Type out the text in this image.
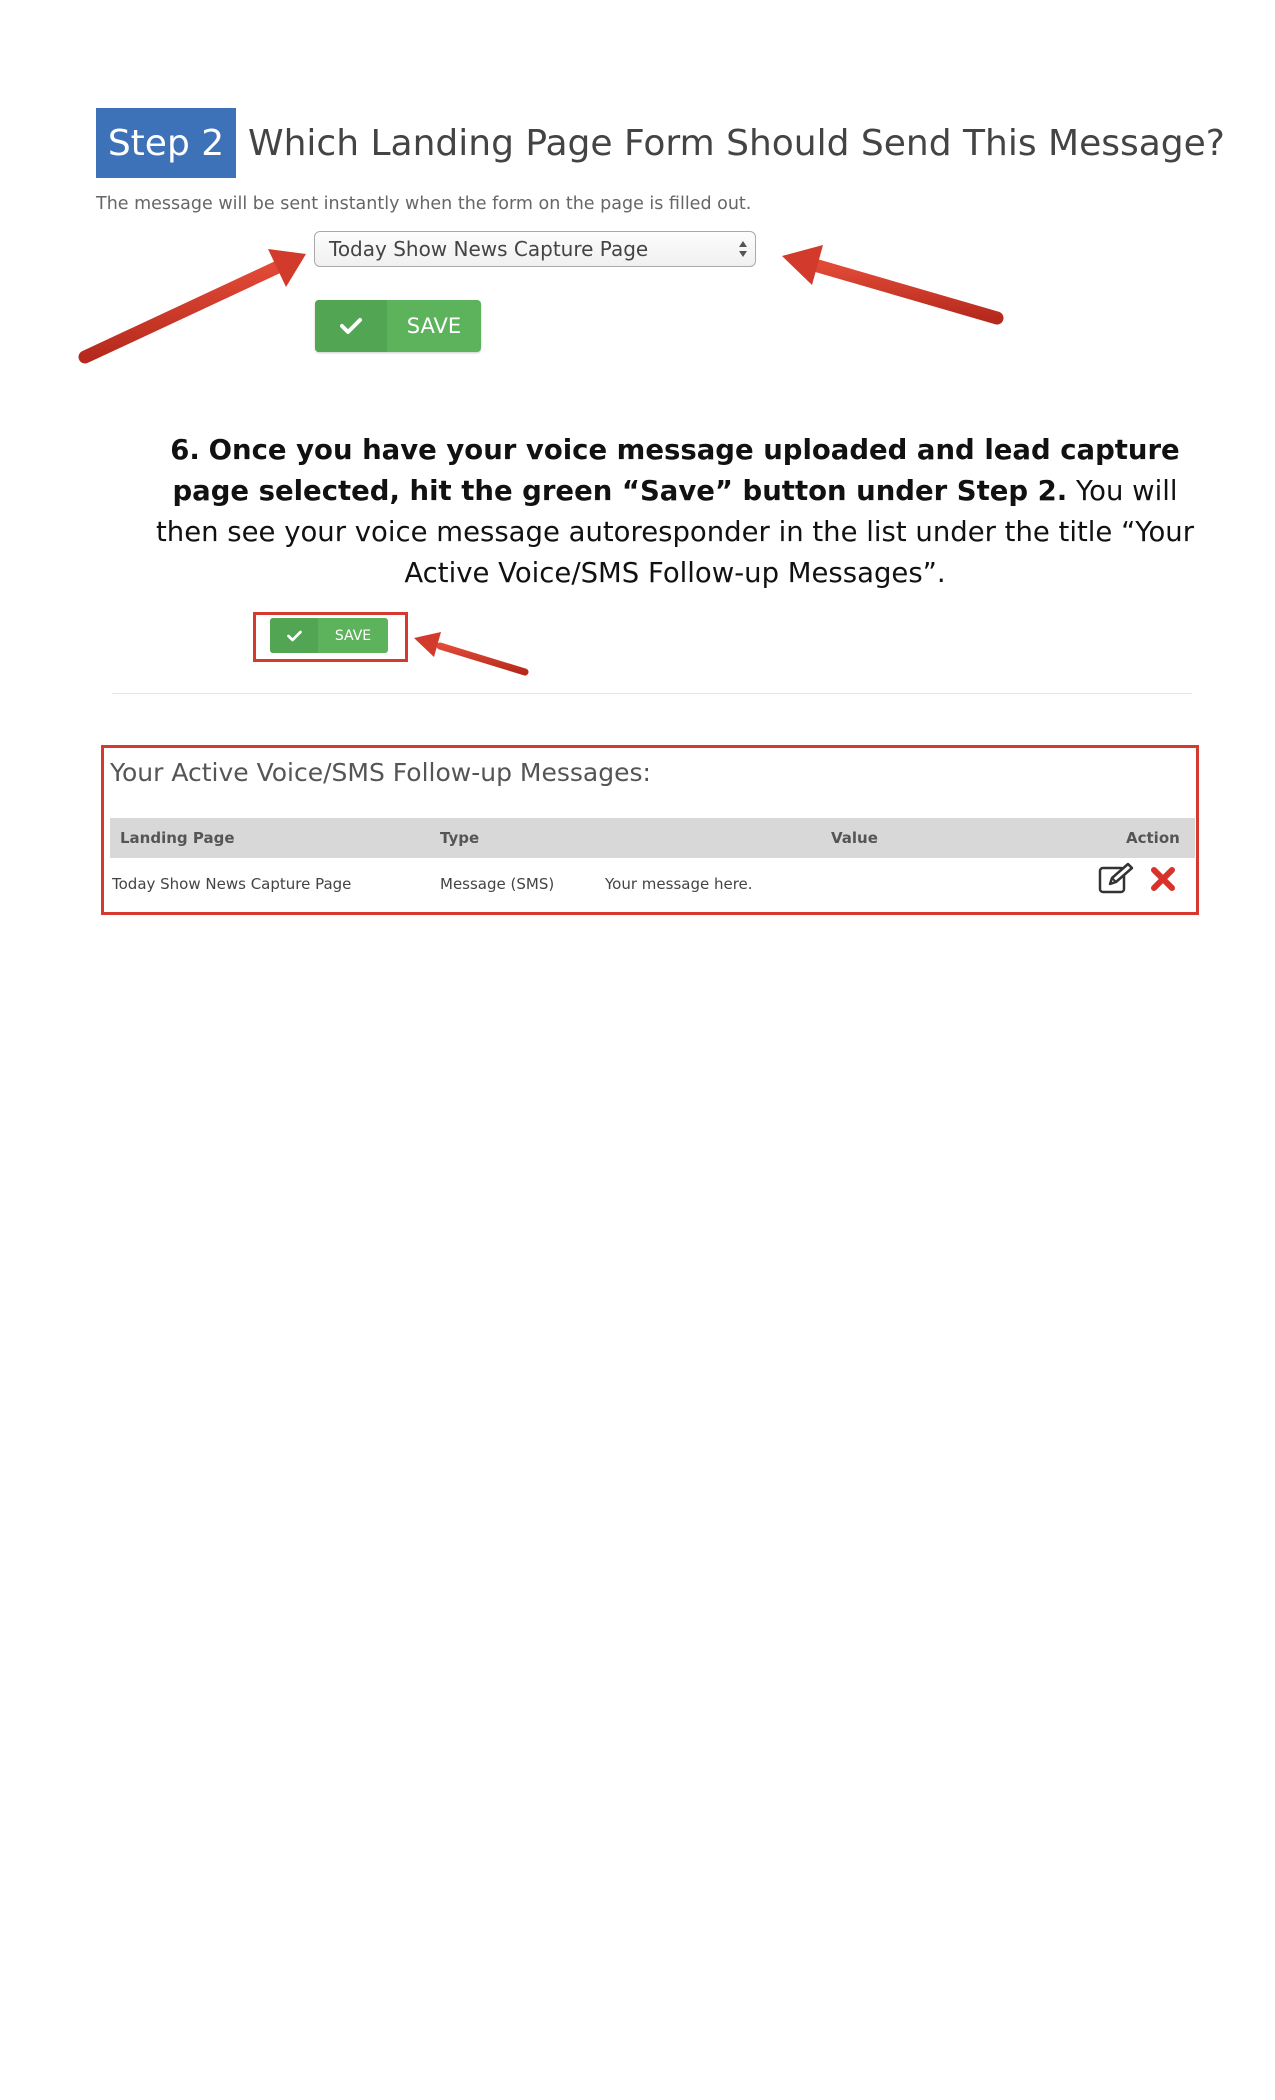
Step 2 Which Landing Page Form Should Send This Message?
The message will be sent instantly when the form on the page is filled out.
Today Show News Capture Page
SAVE
6. Once you have your voice message uploaded and lead capture page selected, hit the green “Save” button under Step 2. You will then see your voice message autoresponder in the list under the title “Your Active Voice/SMS Follow-up Messages”.
SAVE
Your Active Voice/SMS Follow-up Messages:
Landing Page	Type	Value	Action
Today Show News Capture Page	Message (SMS)	Your message here.
